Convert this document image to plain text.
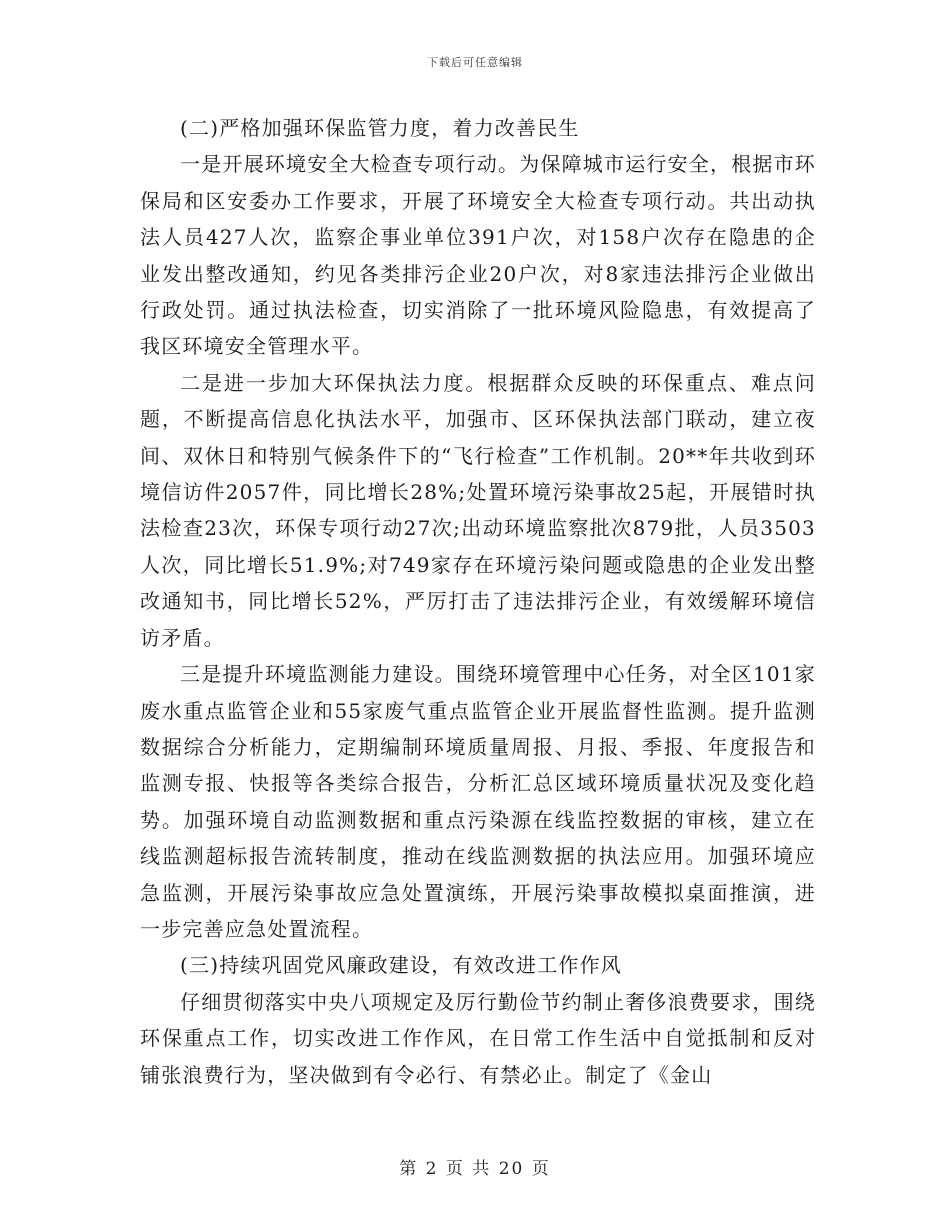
下载后可任意编辑

(二)严格加强环保监管力度，着力改善民生

一是开展环境安全大检查专项行动。为保障城市运行安全，根据市环保局和区安委办工作要求，开展了环境安全大检查专项行动。共出动执法人员427人次，监察企事业单位391户次，对158户次存在隐患的企业发出整改通知，约见各类排污企业20户次，对8家违法排污企业做出行政处罚。通过执法检查，切实消除了一批环境风险隐患，有效提高了我区环境安全管理水平。

二是进一步加大环保执法力度。根据群众反映的环保重点、难点问题，不断提高信息化执法水平，加强市、区环保执法部门联动，建立夜间、双休日和特别气候条件下的“飞行检查”工作机制。20**年共收到环境信访件2057件，同比增长28%;处置环境污染事故25起，开展错时执法检查23次，环保专项行动27次;出动环境监察批次879批，人员3503人次，同比增长51.9%;对749家存在环境污染问题或隐患的企业发出整改通知书，同比增长52%，严厉打击了违法排污企业，有效缓解环境信访矛盾。

三是提升环境监测能力建设。围绕环境管理中心任务，对全区101家废水重点监管企业和55家废气重点监管企业开展监督性监测。提升监测数据综合分析能力，定期编制环境质量周报、月报、季报、年度报告和监测专报、快报等各类综合报告，分析汇总区域环境质量状况及变化趋势。加强环境自动监测数据和重点污染源在线监控数据的审核，建立在线监测超标报告流转制度，推动在线监测数据的执法应用。加强环境应急监测，开展污染事故应急处置演练，开展污染事故模拟桌面推演，进一步完善应急处置流程。

(三)持续巩固党风廉政建设，有效改进工作作风

仔细贯彻落实中央八项规定及厉行勤俭节约制止奢侈浪费要求，围绕环保重点工作，切实改进工作作风，在日常工作生活中自觉抵制和反对铺张浪费行为，坚决做到有令必行、有禁必止。制定了《金山

第 2 页 共 20 页
